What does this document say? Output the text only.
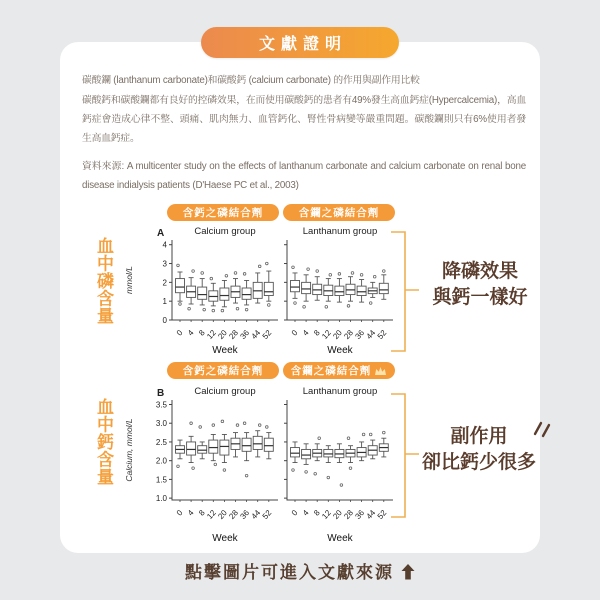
文獻證明
碳酸鑭 (lanthanum carbonate)和碳酸鈣 (calcium carbonate) 的作用與副作用比較
碳酸鈣和碳酸鑭都有良好的控磷效果，在而使用碳酸鈣的患者有49%發生高血鈣症(Hypercalcemia)，高血鈣症會造成心律不整、頭痛、肌肉無力、血管鈣化、腎性骨病變等嚴重問題。碳酸鑭則只有6%使用者發生高血鈣症。
資料來源: A multicenter study on the effects of lanthanum carbonate and calcium carbonate on renal bone disease indialysis patients (D'Haese PC et al., 2003)
血中磷含量
含鈣之磷結合劑	含鑭之磷結合劑
A
mmol/L
Calcium group
0
1
2
3
4
0 4 8
12
20
28
36
44
52
Week
Lanthanum group
0 4 8
12
20
28
36
44
52
Week
降磷效果
與鈣一樣好
血中鈣含量
含鈣之磷結合劑	含鑭之磷結合劑
B
Calcium, mmol/L
Calcium group
1.0
1.5
2.0
2.5
3.0
3.5
0 4 8
12
20
28
36
44
52
Week
Lanthanum group
0 4 8
12
20
28
36
44
52
Week
副作用
卻比鈣少很多
點擊圖片可進入文獻來源
